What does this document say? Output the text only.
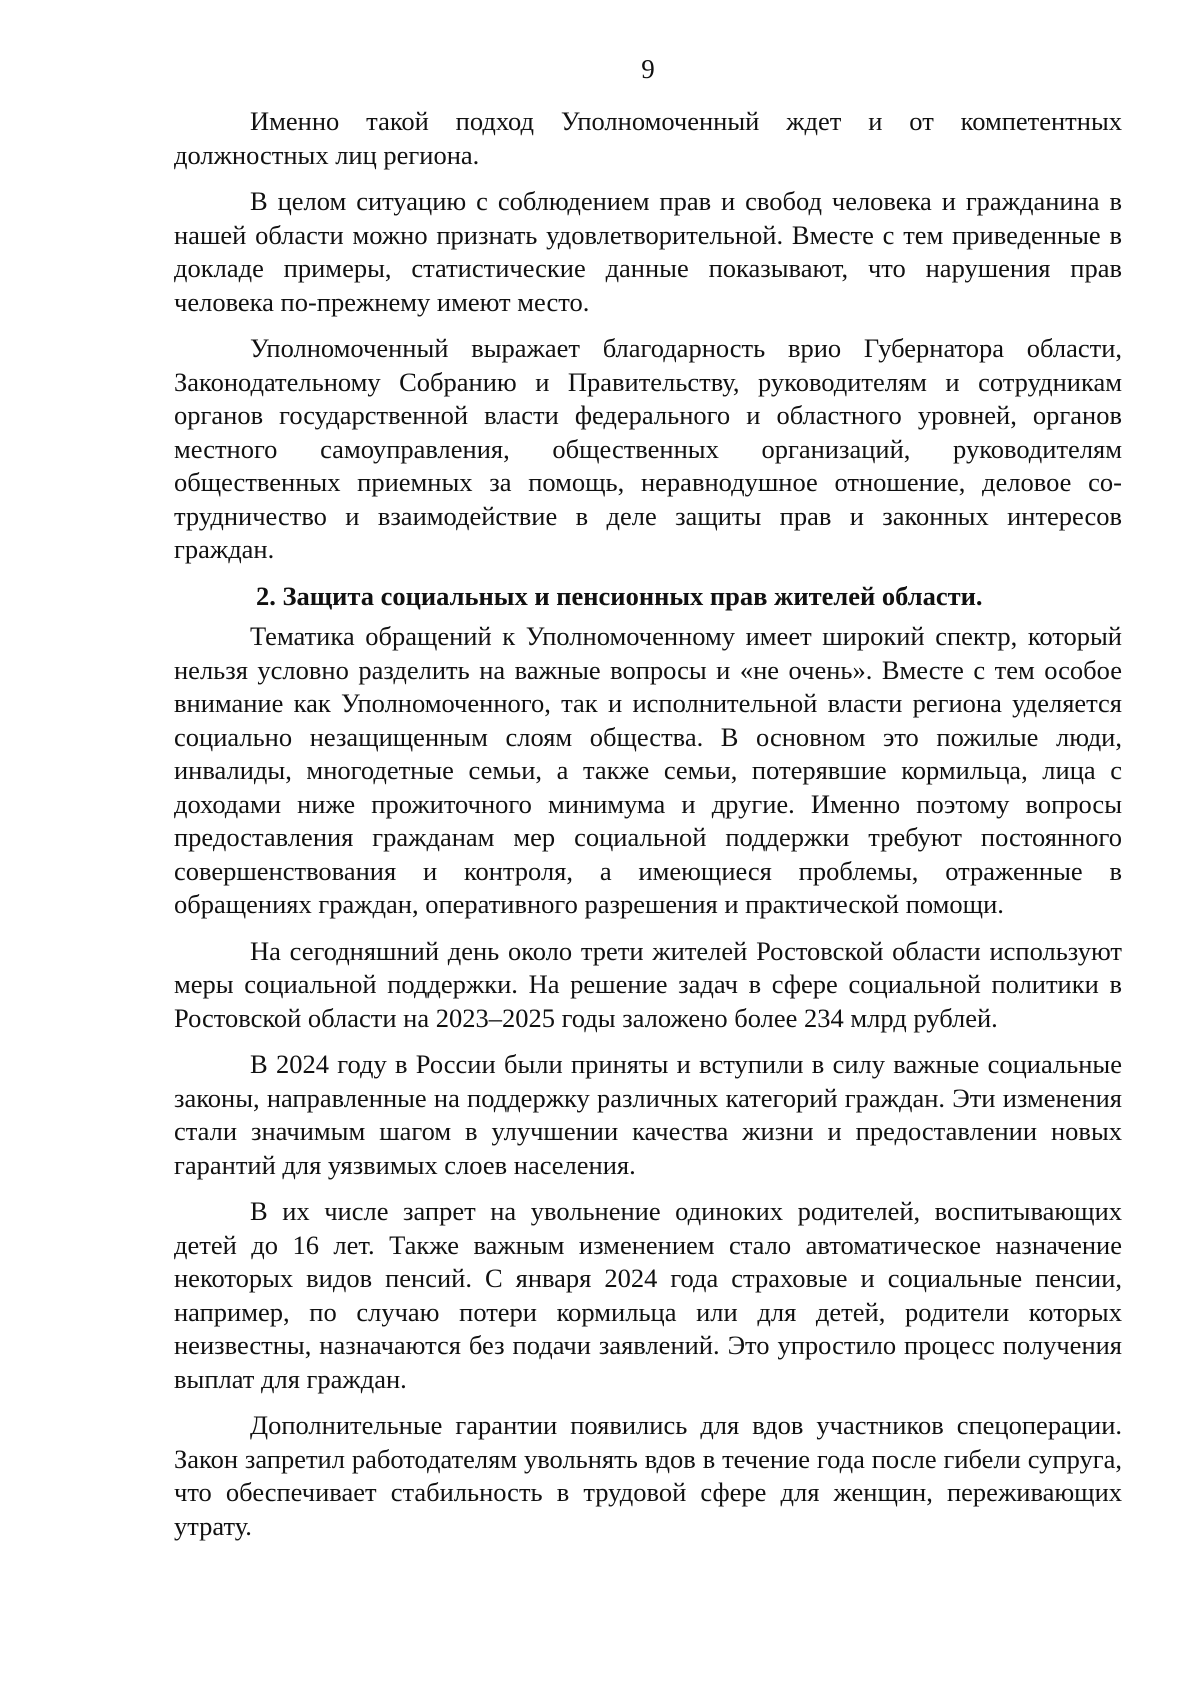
9

Именно такой подход Уполномоченный ждет и от компетентных должностных лиц региона.

В целом ситуацию с соблюдением прав и свобод человека и гражданина в нашей области можно признать удовлетворительной. Вместе с тем приведенные в докладе примеры, статистические данные показывают, что нарушения прав человека по-прежнему имеют место.

Уполномоченный выражает благодарность врио Губернатора области, Законодательному Собранию и Правительству, руководителям и сотрудникам органов государственной власти федерального и областного уровней, органов местного самоуправления, общественных организаций, руководителям общественных приемных за помощь, неравнодушное отношение, деловое сотрудничество и взаимодействие в деле защиты прав и законных интересов граждан.

2. Защита социальных и пенсионных прав жителей области.

Тематика обращений к Уполномоченному имеет широкий спектр, который нельзя условно разделить на важные вопросы и «не очень». Вместе с тем особое внимание как Уполномоченного, так и исполнительной власти региона уделяется социально незащищенным слоям общества. В основном это пожилые люди, инвалиды, многодетные семьи, а также семьи, потерявшие кормильца, лица с доходами ниже прожиточного минимума и другие. Именно поэтому вопросы предоставления гражданам мер социальной поддержки требуют постоянного совершенствования и контроля, а имеющиеся проблемы, отраженные в обращениях граждан, оперативного разрешения и практической помощи.

На сегодняшний день около трети жителей Ростовской области используют меры социальной поддержки. На решение задач в сфере социальной политики в Ростовской области на 2023–2025 годы заложено более 234 млрд рублей.

В 2024 году в России были приняты и вступили в силу важные социальные законы, направленные на поддержку различных категорий граждан. Эти изменения стали значимым шагом в улучшении качества жизни и предоставлении новых гарантий для уязвимых слоев населения.

В их числе запрет на увольнение одиноких родителей, воспитывающих детей до 16 лет. Также важным изменением стало автоматическое назначение некоторых видов пенсий. С января 2024 года страховые и социальные пенсии, например, по случаю потери кормильца или для детей, родители которых неизвестны, назначаются без подачи заявлений. Это упростило процесс получения выплат для граждан.

Дополнительные гарантии появились для вдов участников спецоперации. Закон запретил работодателям увольнять вдов в течение года после гибели супруга, что обеспечивает стабильность в трудовой сфере для женщин, переживающих утрату.
